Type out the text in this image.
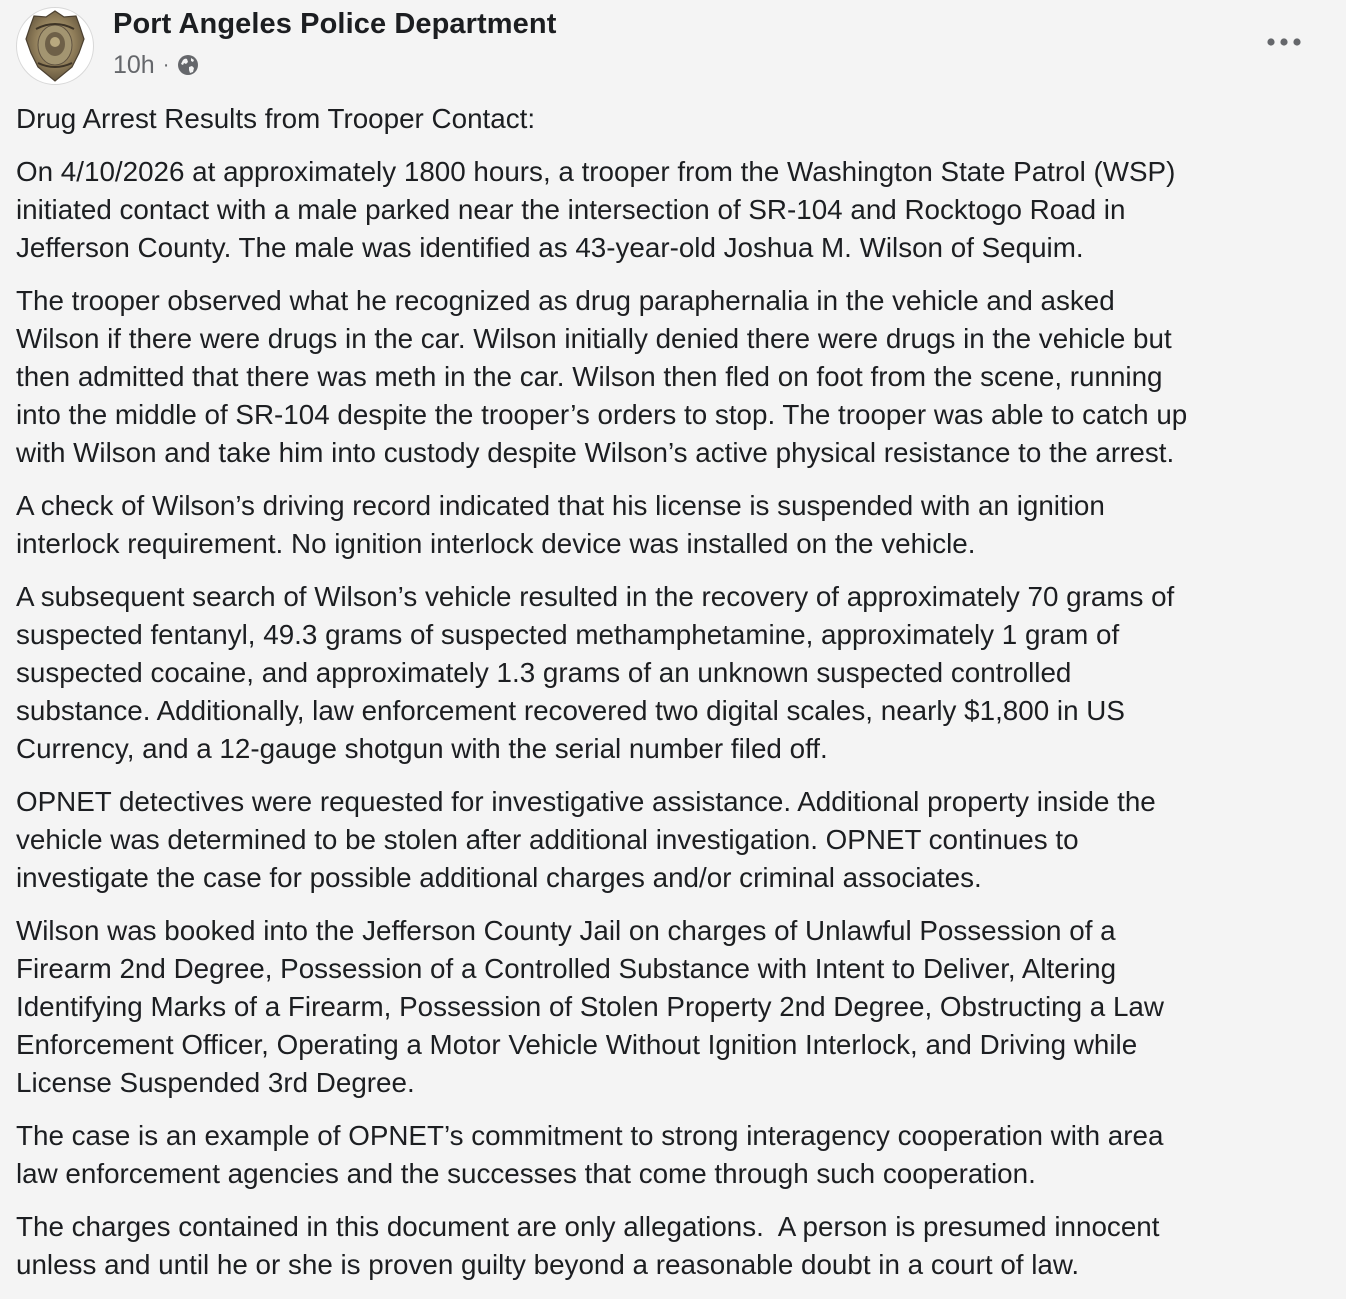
Port Angeles Police Department
10h ·

Drug Arrest Results from Trooper Contact:

On 4/10/2026 at approximately 1800 hours, a trooper from the Washington State Patrol (WSP)
initiated contact with a male parked near the intersection of SR-104 and Rocktogo Road in
Jefferson County. The male was identified as 43-year-old Joshua M. Wilson of Sequim.

The trooper observed what he recognized as drug paraphernalia in the vehicle and asked
Wilson if there were drugs in the car. Wilson initially denied there were drugs in the vehicle but
then admitted that there was meth in the car. Wilson then fled on foot from the scene, running
into the middle of SR-104 despite the trooper’s orders to stop. The trooper was able to catch up
with Wilson and take him into custody despite Wilson’s active physical resistance to the arrest.

A check of Wilson’s driving record indicated that his license is suspended with an ignition
interlock requirement. No ignition interlock device was installed on the vehicle.

A subsequent search of Wilson’s vehicle resulted in the recovery of approximately 70 grams of
suspected fentanyl, 49.3 grams of suspected methamphetamine, approximately 1 gram of
suspected cocaine, and approximately 1.3 grams of an unknown suspected controlled
substance. Additionally, law enforcement recovered two digital scales, nearly $1,800 in US
Currency, and a 12-gauge shotgun with the serial number filed off.

OPNET detectives were requested for investigative assistance. Additional property inside the
vehicle was determined to be stolen after additional investigation. OPNET continues to
investigate the case for possible additional charges and/or criminal associates.

Wilson was booked into the Jefferson County Jail on charges of Unlawful Possession of a
Firearm 2nd Degree, Possession of a Controlled Substance with Intent to Deliver, Altering
Identifying Marks of a Firearm, Possession of Stolen Property 2nd Degree, Obstructing a Law
Enforcement Officer, Operating a Motor Vehicle Without Ignition Interlock, and Driving while
License Suspended 3rd Degree.

The case is an example of OPNET’s commitment to strong interagency cooperation with area
law enforcement agencies and the successes that come through such cooperation.

The charges contained in this document are only allegations.  A person is presumed innocent
unless and until he or she is proven guilty beyond a reasonable doubt in a court of law.
